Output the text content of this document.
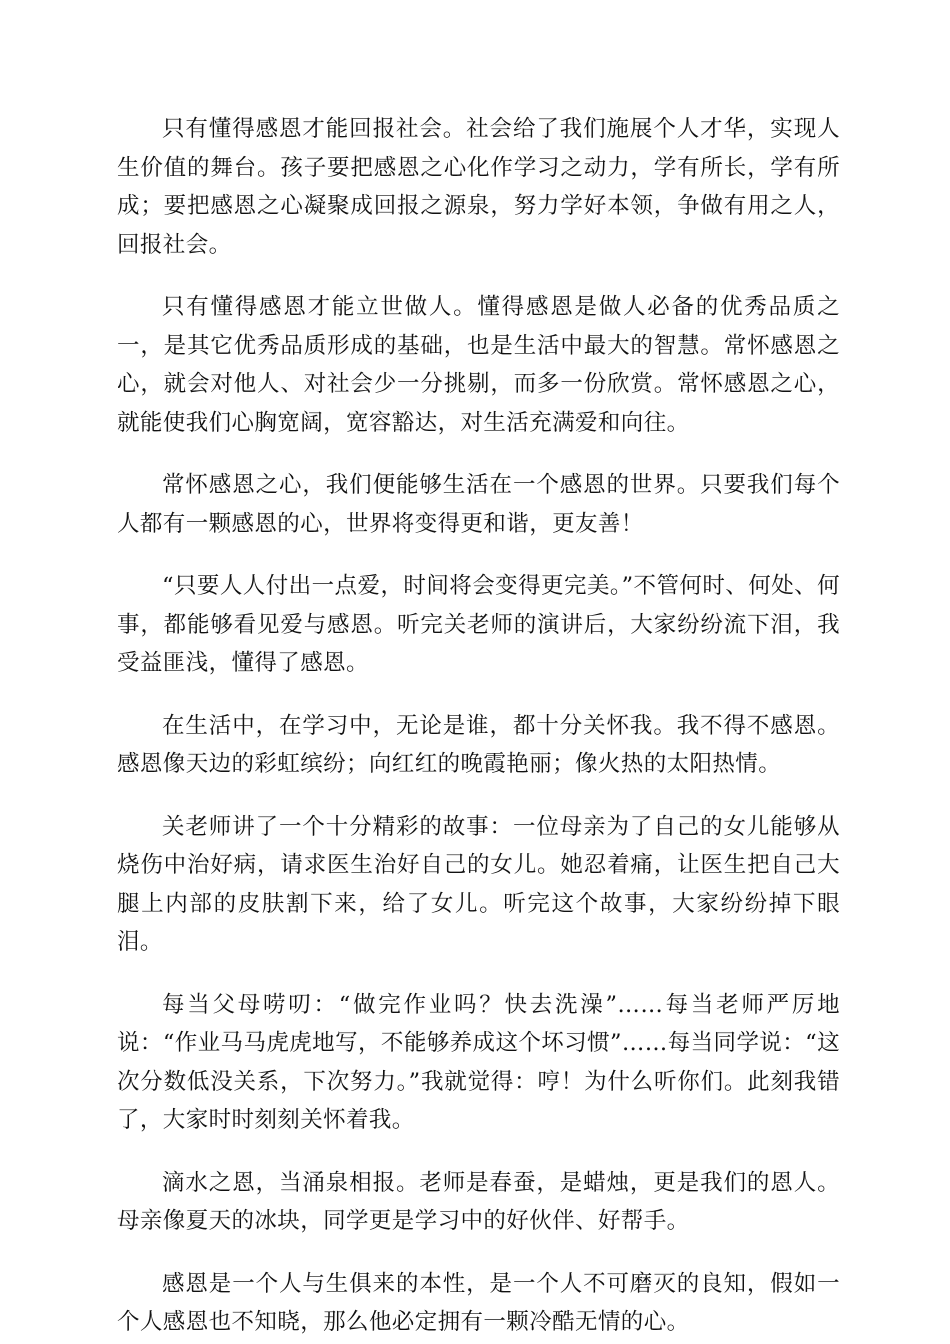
只有懂得感恩才能回报社会。社会给了我们施展个人才华，实现人生价值的舞台。孩子要把感恩之心化作学习之动力，学有所长，学有所成；要把感恩之心凝聚成回报之源泉，努力学好本领，争做有用之人，回报社会。

只有懂得感恩才能立世做人。懂得感恩是做人必备的优秀品质之一，是其它优秀品质形成的基础，也是生活中最大的智慧。常怀感恩之心，就会对他人、对社会少一分挑剔，而多一份欣赏。常怀感恩之心，就能使我们心胸宽阔，宽容豁达，对生活充满爱和向往。

常怀感恩之心，我们便能够生活在一个感恩的世界。只要我们每个人都有一颗感恩的心，世界将变得更和谐，更友善！

“只要人人付出一点爱，时间将会变得更完美。”不管何时、何处、何事，都能够看见爱与感恩。听完关老师的演讲后，大家纷纷流下泪，我受益匪浅，懂得了感恩。

在生活中，在学习中，无论是谁，都十分关怀我。我不得不感恩。感恩像天边的彩虹缤纷；向红红的晚霞艳丽；像火热的太阳热情。

关老师讲了一个十分精彩的故事：一位母亲为了自己的女儿能够从烧伤中治好病，请求医生治好自己的女儿。她忍着痛，让医生把自己大腿上内部的皮肤割下来，给了女儿。听完这个故事，大家纷纷掉下眼泪。

每当父母唠叨：“做完作业吗？快去洗澡”……每当老师严厉地说：“作业马马虎虎地写，不能够养成这个坏习惯”……每当同学说：“这次分数低没关系，下次努力。”我就觉得：哼！为什么听你们。此刻我错了，大家时时刻刻关怀着我。

滴水之恩，当涌泉相报。老师是春蚕，是蜡烛，更是我们的恩人。母亲像夏天的冰块，同学更是学习中的好伙伴、好帮手。

感恩是一个人与生俱来的本性，是一个人不可磨灭的良知，假如一个人感恩也不知晓，那么他必定拥有一颗冷酷无情的心。
